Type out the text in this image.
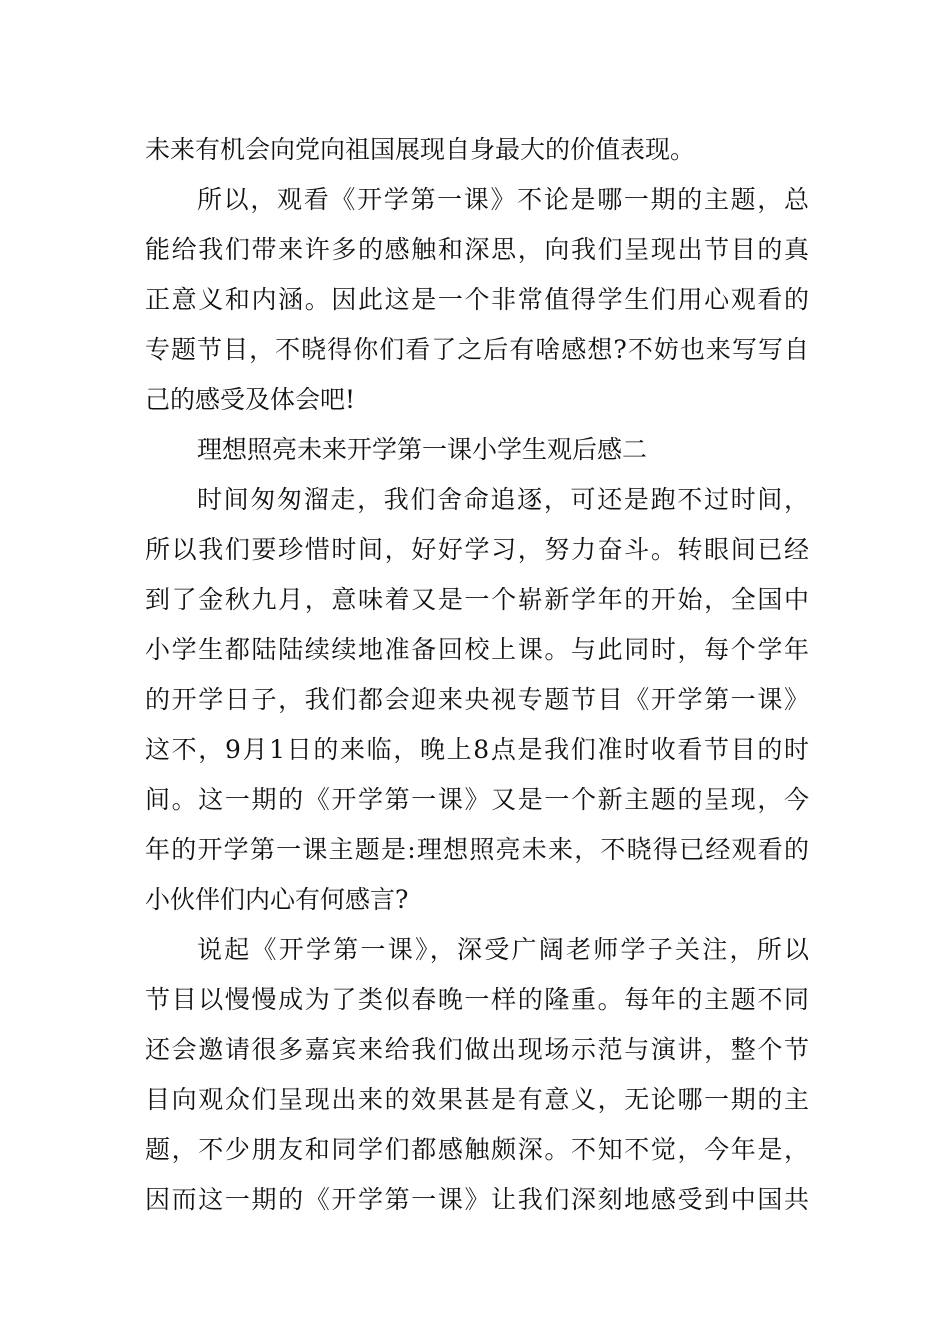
未来有机会向党向祖国展现自身最大的价值表现。
所以，观看《开学第一课》不论是哪一期的主题，总
能给我们带来许多的感触和深思，向我们呈现出节目的真
正意义和内涵。因此这是一个非常值得学生们用心观看的
专题节目，不晓得你们看了之后有啥感想?不妨也来写写自
己的感受及体会吧!
理想照亮未来开学第一课小学生观后感二
时间匆匆溜走，我们舍命追逐，可还是跑不过时间，
所以我们要珍惜时间，好好学习，努力奋斗。转眼间已经
到了金秋九月，意味着又是一个崭新学年的开始，全国中
小学生都陆陆续续地准备回校上课。与此同时，每个学年
的开学日子，我们都会迎来央视专题节目《开学第一课》
这不，9月1日的来临，晚上8点是我们准时收看节目的时
间。这一期的《开学第一课》又是一个新主题的呈现，今
年的开学第一课主题是:理想照亮未来，不晓得已经观看的
小伙伴们内心有何感言?
说起《开学第一课》，深受广阔老师学子关注，所以
节目以慢慢成为了类似春晚一样的隆重。每年的主题不同
还会邀请很多嘉宾来给我们做出现场示范与演讲，整个节
目向观众们呈现出来的效果甚是有意义，无论哪一期的主
题，不少朋友和同学们都感触颇深。不知不觉，今年是，
因而这一期的《开学第一课》让我们深刻地感受到中国共
